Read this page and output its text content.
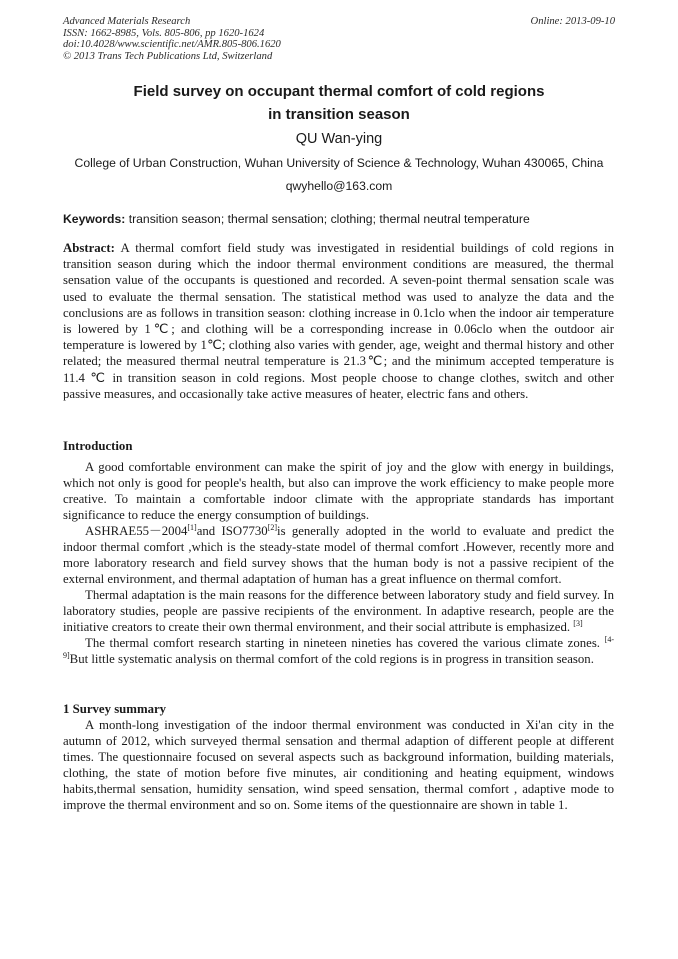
Advanced Materials Research
ISSN: 1662-8985, Vols. 805-806, pp 1620-1624
doi:10.4028/www.scientific.net/AMR.805-806.1620
© 2013 Trans Tech Publications Ltd, Switzerland
Online: 2013-09-10
Field survey on occupant thermal comfort of cold regions
in transition season
QU Wan-ying
College of Urban Construction, Wuhan University of Science & Technology, Wuhan 430065, China
qwyhello@163.com
Keywords: transition season; thermal sensation; clothing; thermal neutral temperature

Abstract: A thermal comfort field study was investigated in residential buildings of cold regions in transition season during which the indoor thermal environment conditions are measured, the thermal sensation value of the occupants is questioned and recorded. A seven-point thermal sensation scale was used to evaluate the thermal sensation. The statistical method was used to analyze the data and the conclusions are as follows in transition season: clothing increase in 0.1clo when the indoor air temperature is lowered by 1℃; and clothing will be a corresponding increase in 0.06clo when the outdoor air temperature is lowered by 1℃; clothing also varies with gender, age, weight and thermal history and other related; the measured thermal neutral temperature is 21.3℃; and the minimum accepted temperature is 11.4 ℃ in transition season in cold regions. Most people choose to change clothes, switch and other passive measures, and occasionally take active measures of heater, electric fans and others.

Introduction

A good comfortable environment can make the spirit of joy and the glow with energy in buildings, which not only is good for people's health, but also can improve the work efficiency to make people more creative. To maintain a comfortable indoor climate with the appropriate standards has important significance to reduce the energy consumption of buildings.

ASHRAE55－2004[1]and ISO7730[2]is generally adopted in the world to evaluate and predict the indoor thermal comfort ,which is the steady-state model of thermal comfort .However, recently more and more laboratory research and field survey shows that the human body is not a passive recipient of the external environment, and thermal adaptation of human has a great influence on thermal comfort.

Thermal adaptation is the main reasons for the difference between laboratory study and field survey. In laboratory studies, people are passive recipients of the environment. In adaptive research, people are the initiative creators to create their own thermal environment, and their social attribute is emphasized. [3]

The thermal comfort research starting in nineteen nineties has covered the various climate zones. [4-9]But little systematic analysis on thermal comfort of the cold regions is in progress in transition season.

1 Survey summary

A month-long investigation of the indoor thermal environment was conducted in Xi'an city in the autumn of 2012, which surveyed thermal sensation and thermal adaption of different people at different times. The questionnaire focused on several aspects such as background information, building materials, clothing, the state of motion before five minutes, air conditioning and heating equipment, windows habits,thermal sensation, humidity sensation, wind speed sensation, thermal comfort , adaptive mode to improve the thermal environment and so on. Some items of the questionnaire are shown in table 1.
